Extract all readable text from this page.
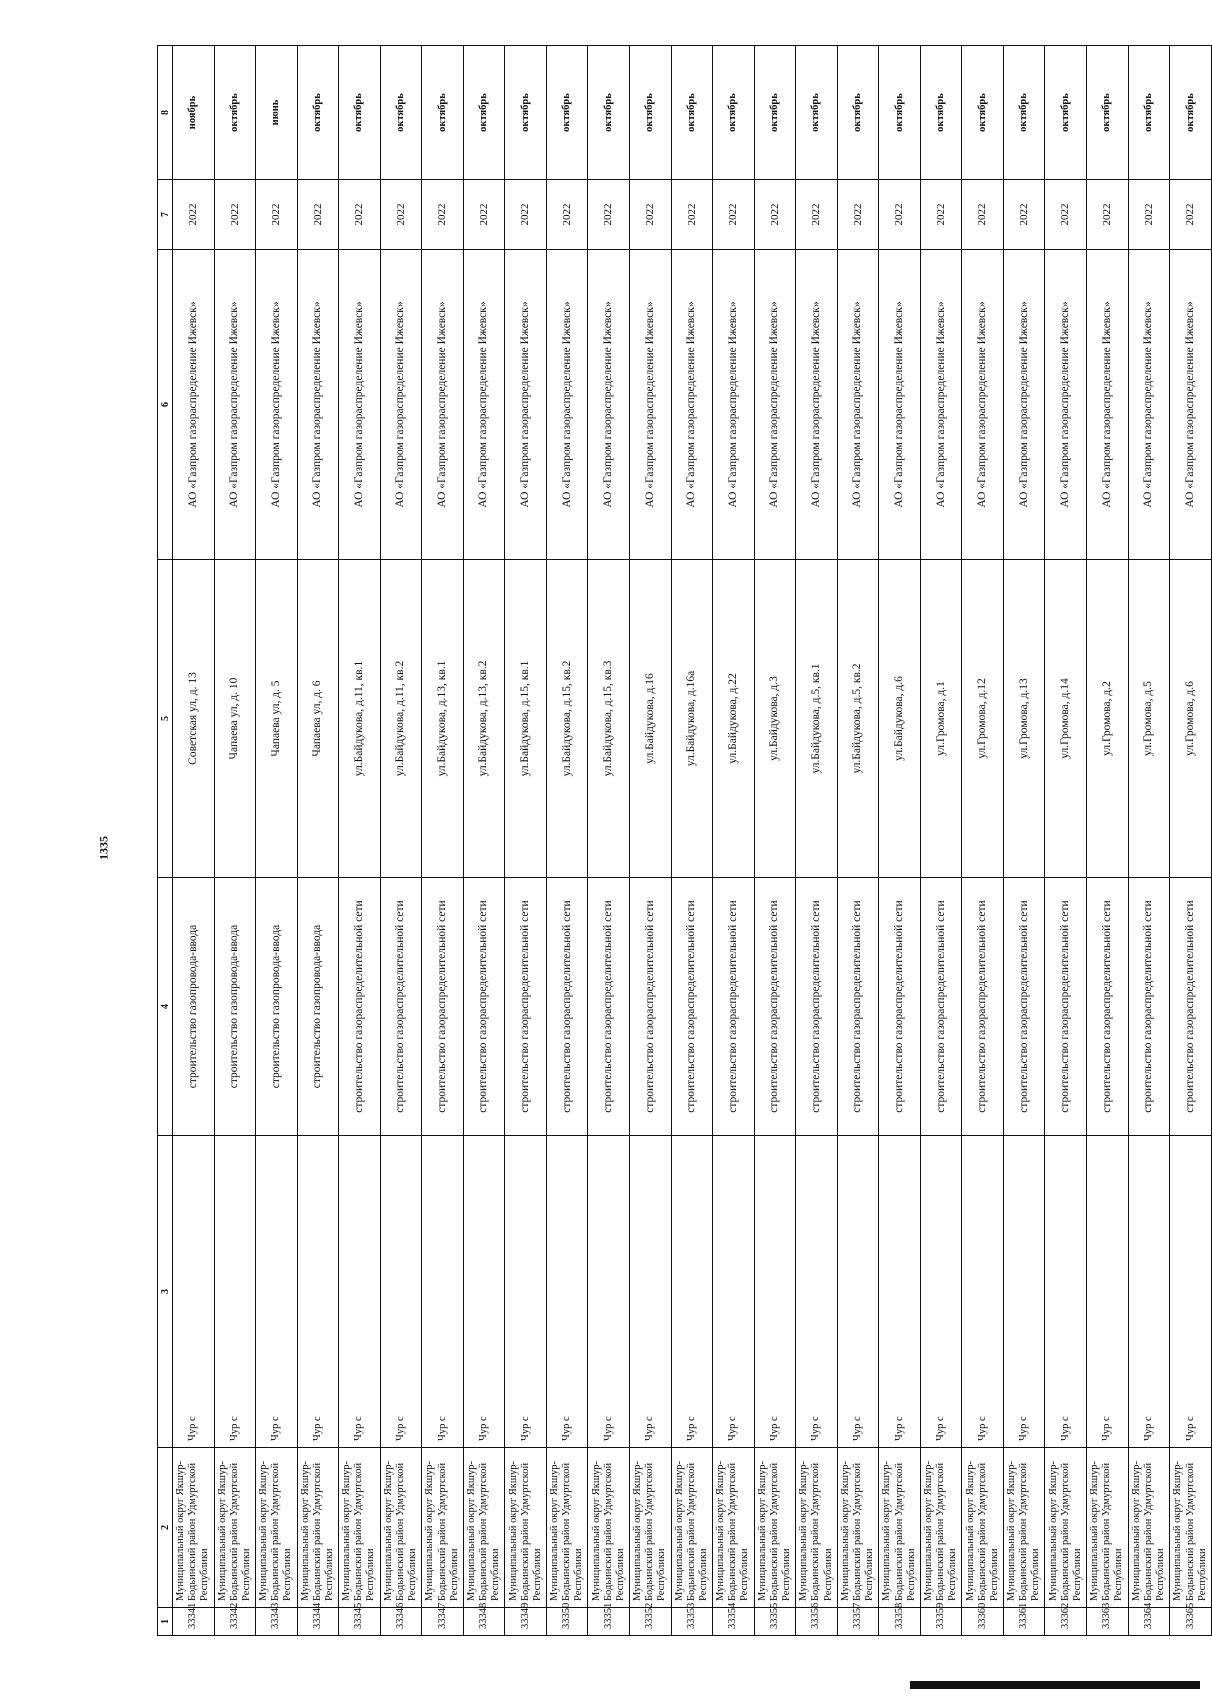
1335
1	2	3	4	5	6	7	8
33341	Муниципальный округ Якшур-Бодьинский район Удмуртской Республики	Чур с	строительство газопровода-ввода	Советская ул, д. 13	АО «Газпром газораспределение Ижевск»	2022	ноябрь
33342	Муниципальный округ Якшур-Бодьинский район Удмуртской Республики	Чур с	строительство газопровода-ввода	Чапаева ул, д. 10	АО «Газпром газораспределение Ижевск»	2022	октябрь
33343	Муниципальный округ Якшур-Бодьинский район Удмуртской Республики	Чур с	строительство газопровода-ввода	Чапаева ул, д. 5	АО «Газпром газораспределение Ижевск»	2022	июнь
33344	Муниципальный округ Якшур-Бодьинский район Удмуртской Республики	Чур с	строительство газопровода-ввода	Чапаева ул, д. 6	АО «Газпром газораспределение Ижевск»	2022	октябрь
33345	Муниципальный округ Якшур-Бодьинский район Удмуртской Республики	Чур с	строительство газораспределительной сети	ул.Байдукова, д.11, кв.1	АО «Газпром газораспределение Ижевск»	2022	октябрь
33346	Муниципальный округ Якшур-Бодьинский район Удмуртской Республики	Чур с	строительство газораспределительной сети	ул.Байдукова, д.11, кв.2	АО «Газпром газораспределение Ижевск»	2022	октябрь
33347	Муниципальный округ Якшур-Бодьинский район Удмуртской Республики	Чур с	строительство газораспределительной сети	ул.Байдукова, д.13, кв.1	АО «Газпром газораспределение Ижевск»	2022	октябрь
33348	Муниципальный округ Якшур-Бодьинский район Удмуртской Республики	Чур с	строительство газораспределительной сети	ул.Байдукова, д.13, кв.2	АО «Газпром газораспределение Ижевск»	2022	октябрь
33349	Муниципальный округ Якшур-Бодьинский район Удмуртской Республики	Чур с	строительство газораспределительной сети	ул.Байдукова, д.15, кв.1	АО «Газпром газораспределение Ижевск»	2022	октябрь
33350	Муниципальный округ Якшур-Бодьинский район Удмуртской Республики	Чур с	строительство газораспределительной сети	ул.Байдукова, д.15, кв.2	АО «Газпром газораспределение Ижевск»	2022	октябрь
33351	Муниципальный округ Якшур-Бодьинский район Удмуртской Республики	Чур с	строительство газораспределительной сети	ул.Байдукова, д.15, кв.3	АО «Газпром газораспределение Ижевск»	2022	октябрь
33352	Муниципальный округ Якшур-Бодьинский район Удмуртской Республики	Чур с	строительство газораспределительной сети	ул.Байдукова, д.16	АО «Газпром газораспределение Ижевск»	2022	октябрь
33353	Муниципальный округ Якшур-Бодьинский район Удмуртской Республики	Чур с	строительство газораспределительной сети	ул.Байдукова, д.16а	АО «Газпром газораспределение Ижевск»	2022	октябрь
33354	Муниципальный округ Якшур-Бодьинский район Удмуртской Республики	Чур с	строительство газораспределительной сети	ул.Байдукова, д.22	АО «Газпром газораспределение Ижевск»	2022	октябрь
33355	Муниципальный округ Якшур-Бодьинский район Удмуртской Республики	Чур с	строительство газораспределительной сети	ул.Байдукова, д.3	АО «Газпром газораспределение Ижевск»	2022	октябрь
33356	Муниципальный округ Якшур-Бодьинский район Удмуртской Республики	Чур с	строительство газораспределительной сети	ул.Байдукова, д.5, кв.1	АО «Газпром газораспределение Ижевск»	2022	октябрь
33357	Муниципальный округ Якшур-Бодьинский район Удмуртской Республики	Чур с	строительство газораспределительной сети	ул.Байдукова, д.5, кв.2	АО «Газпром газораспределение Ижевск»	2022	октябрь
33358	Муниципальный округ Якшур-Бодьинский район Удмуртской Республики	Чур с	строительство газораспределительной сети	ул.Байдукова, д.6	АО «Газпром газораспределение Ижевск»	2022	октябрь
33359	Муниципальный округ Якшур-Бодьинский район Удмуртской Республики	Чур с	строительство газораспределительной сети	ул.Громова, д.1	АО «Газпром газораспределение Ижевск»	2022	октябрь
33360	Муниципальный округ Якшур-Бодьинский район Удмуртской Республики	Чур с	строительство газораспределительной сети	ул.Громова, д.12	АО «Газпром газораспределение Ижевск»	2022	октябрь
33361	Муниципальный округ Якшур-Бодьинский район Удмуртской Республики	Чур с	строительство газораспределительной сети	ул.Громова, д.13	АО «Газпром газораспределение Ижевск»	2022	октябрь
33362	Муниципальный округ Якшур-Бодьинский район Удмуртской Республики	Чур с	строительство газораспределительной сети	ул.Громова, д.14	АО «Газпром газораспределение Ижевск»	2022	октябрь
33363	Муниципальный округ Якшур-Бодьинский район Удмуртской Республики	Чур с	строительство газораспределительной сети	ул.Громова, д.2	АО «Газпром газораспределение Ижевск»	2022	октябрь
33364	Муниципальный округ Якшур-Бодьинский район Удмуртской Республики	Чур с	строительство газораспределительной сети	ул.Громова, д.5	АО «Газпром газораспределение Ижевск»	2022	октябрь
33365	Муниципальный округ Якшур-Бодьинский район Удмуртской Республики	Чур с	строительство газораспределительной сети	ул.Громова, д.6	АО «Газпром газораспределение Ижевск»	2022	октябрь
